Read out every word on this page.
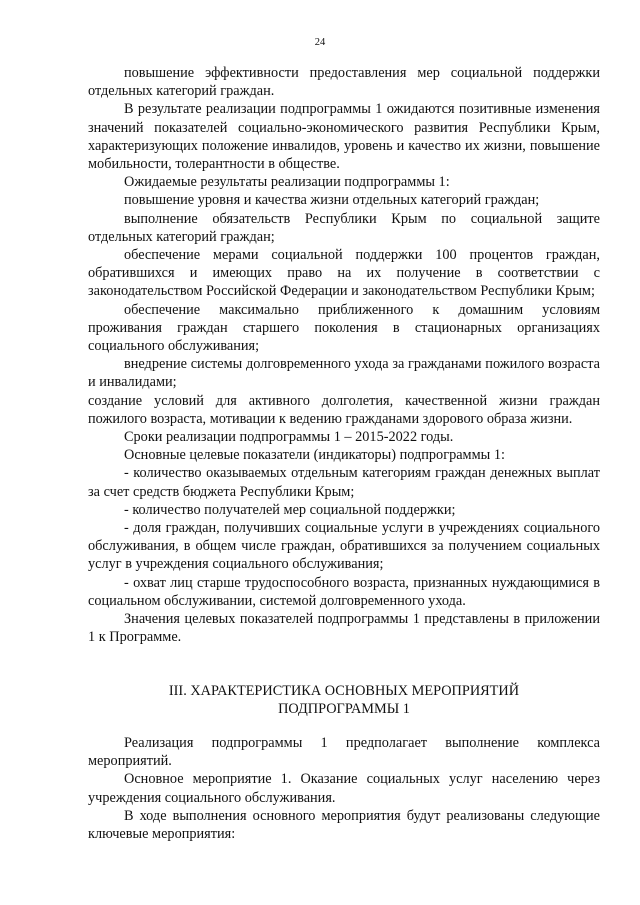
24

повышение эффективности предоставления мер социальной поддержки отдельных категорий граждан.

В результате реализации подпрограммы 1 ожидаются позитивные изменения значений показателей социально-экономического развития Республики Крым, характеризующих положение инвалидов, уровень и качество их жизни, повышение мобильности, толерантности в обществе.

Ожидаемые результаты реализации подпрограммы 1:

повышение уровня и качества жизни отдельных категорий граждан;

выполнение обязательств Республики Крым по социальной защите отдельных категорий граждан;

обеспечение мерами социальной поддержки 100 процентов граждан, обратившихся и имеющих право на их получение в соответствии с законодательством Российской Федерации и законодательством Республики Крым;

обеспечение максимально приближенного к домашним условиям проживания граждан старшего поколения в стационарных организациях социального обслуживания;

внедрение системы долговременного ухода за гражданами пожилого возраста и инвалидами;

создание условий для активного долголетия, качественной жизни граждан пожилого возраста, мотивации к ведению гражданами здорового образа жизни.

Сроки реализации подпрограммы 1 – 2015-2022 годы.

Основные целевые показатели (индикаторы) подпрограммы 1:

- количество оказываемых отдельным категориям граждан денежных выплат за счет средств бюджета Республики Крым;

- количество получателей мер социальной поддержки;

- доля граждан, получивших социальные услуги в учреждениях социального обслуживания, в общем числе граждан, обратившихся за получением социальных услуг в учреждения социального обслуживания;

- охват лиц старше трудоспособного возраста, признанных нуждающимися в социальном обслуживании, системой долговременного ухода.

Значения целевых показателей подпрограммы 1 представлены в приложении 1 к Программе.

III. ХАРАКТЕРИСТИКА ОСНОВНЫХ МЕРОПРИЯТИЙ
ПОДПРОГРАММЫ 1

Реализация подпрограммы 1 предполагает выполнение комплекса мероприятий.

Основное мероприятие 1. Оказание социальных услуг населению через учреждения социального обслуживания.

В ходе выполнения основного мероприятия будут реализованы следующие ключевые мероприятия:
